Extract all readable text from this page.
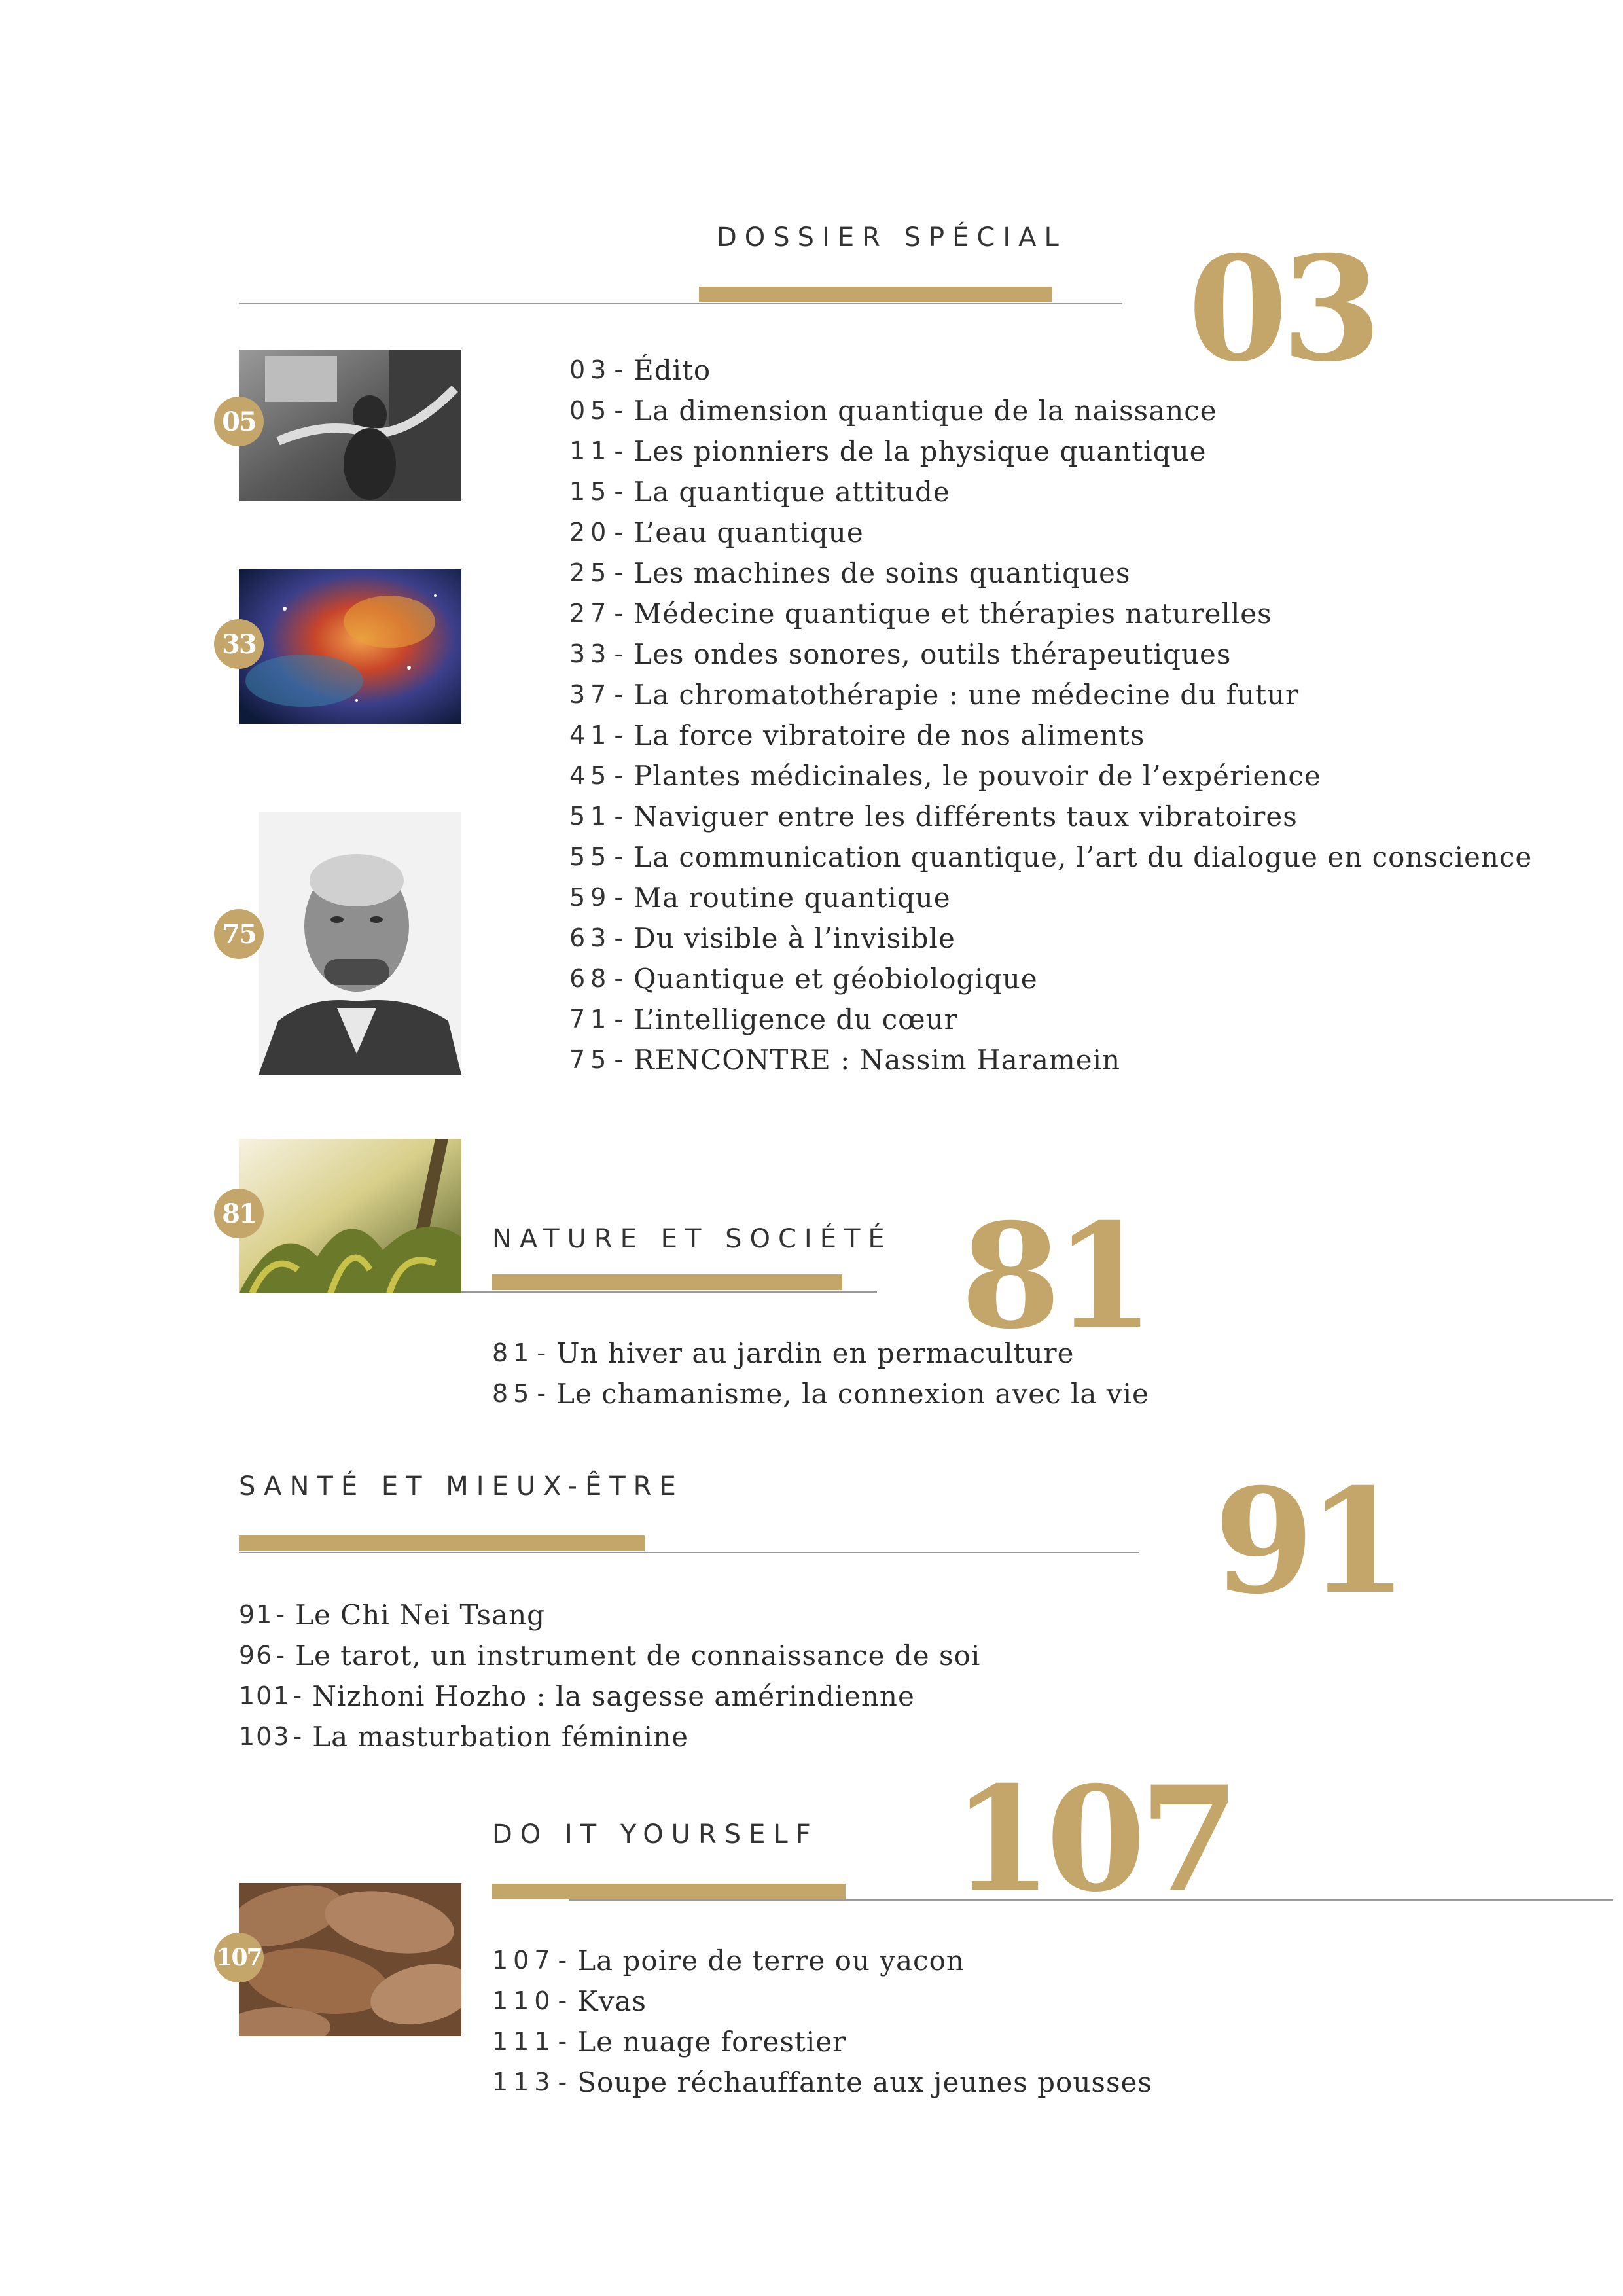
DOSSIER SPÉCIAL 03
03 - Édito
05 - La dimension quantique de la naissance
11 - Les pionniers de la physique quantique
15 - La quantique attitude
20 - L’eau quantique
25 - Les machines de soins quantiques
27 - Médecine quantique et thérapies naturelles
33 - Les ondes sonores, outils thérapeutiques
37 - La chromatothérapie : une médecine du futur
41 - La force vibratoire de nos aliments
45 - Plantes médicinales, le pouvoir de l’expérience
51 - Naviguer entre les différents taux vibratoires
55 - La communication quantique, l’art du dialogue en conscience
59 - Ma routine quantique
63 - Du visible à l’invisible
68 - Quantique et géobiologique
71 - L’intelligence du cœur
75 - RENCONTRE : Nassim Haramein
05
33
75
81
NATURE ET SOCIÉTÉ 81
81 - Un hiver au jardin en permaculture
85 - Le chamanisme, la connexion avec la vie
SANTÉ ET MIEUX-ÊTRE	91
91 - Le Chi Nei Tsang
96 - Le tarot, un instrument de connaissance de soi
101 - Nizhoni Hozho : la sagesse amérindienne
103 - La masturbation féminine
DO IT YOURSELF 107
107	107 - La poire de terre ou yacon
110 - Kvas
111 - Le nuage forestier
113 - Soupe réchauffante aux jeunes pousses
